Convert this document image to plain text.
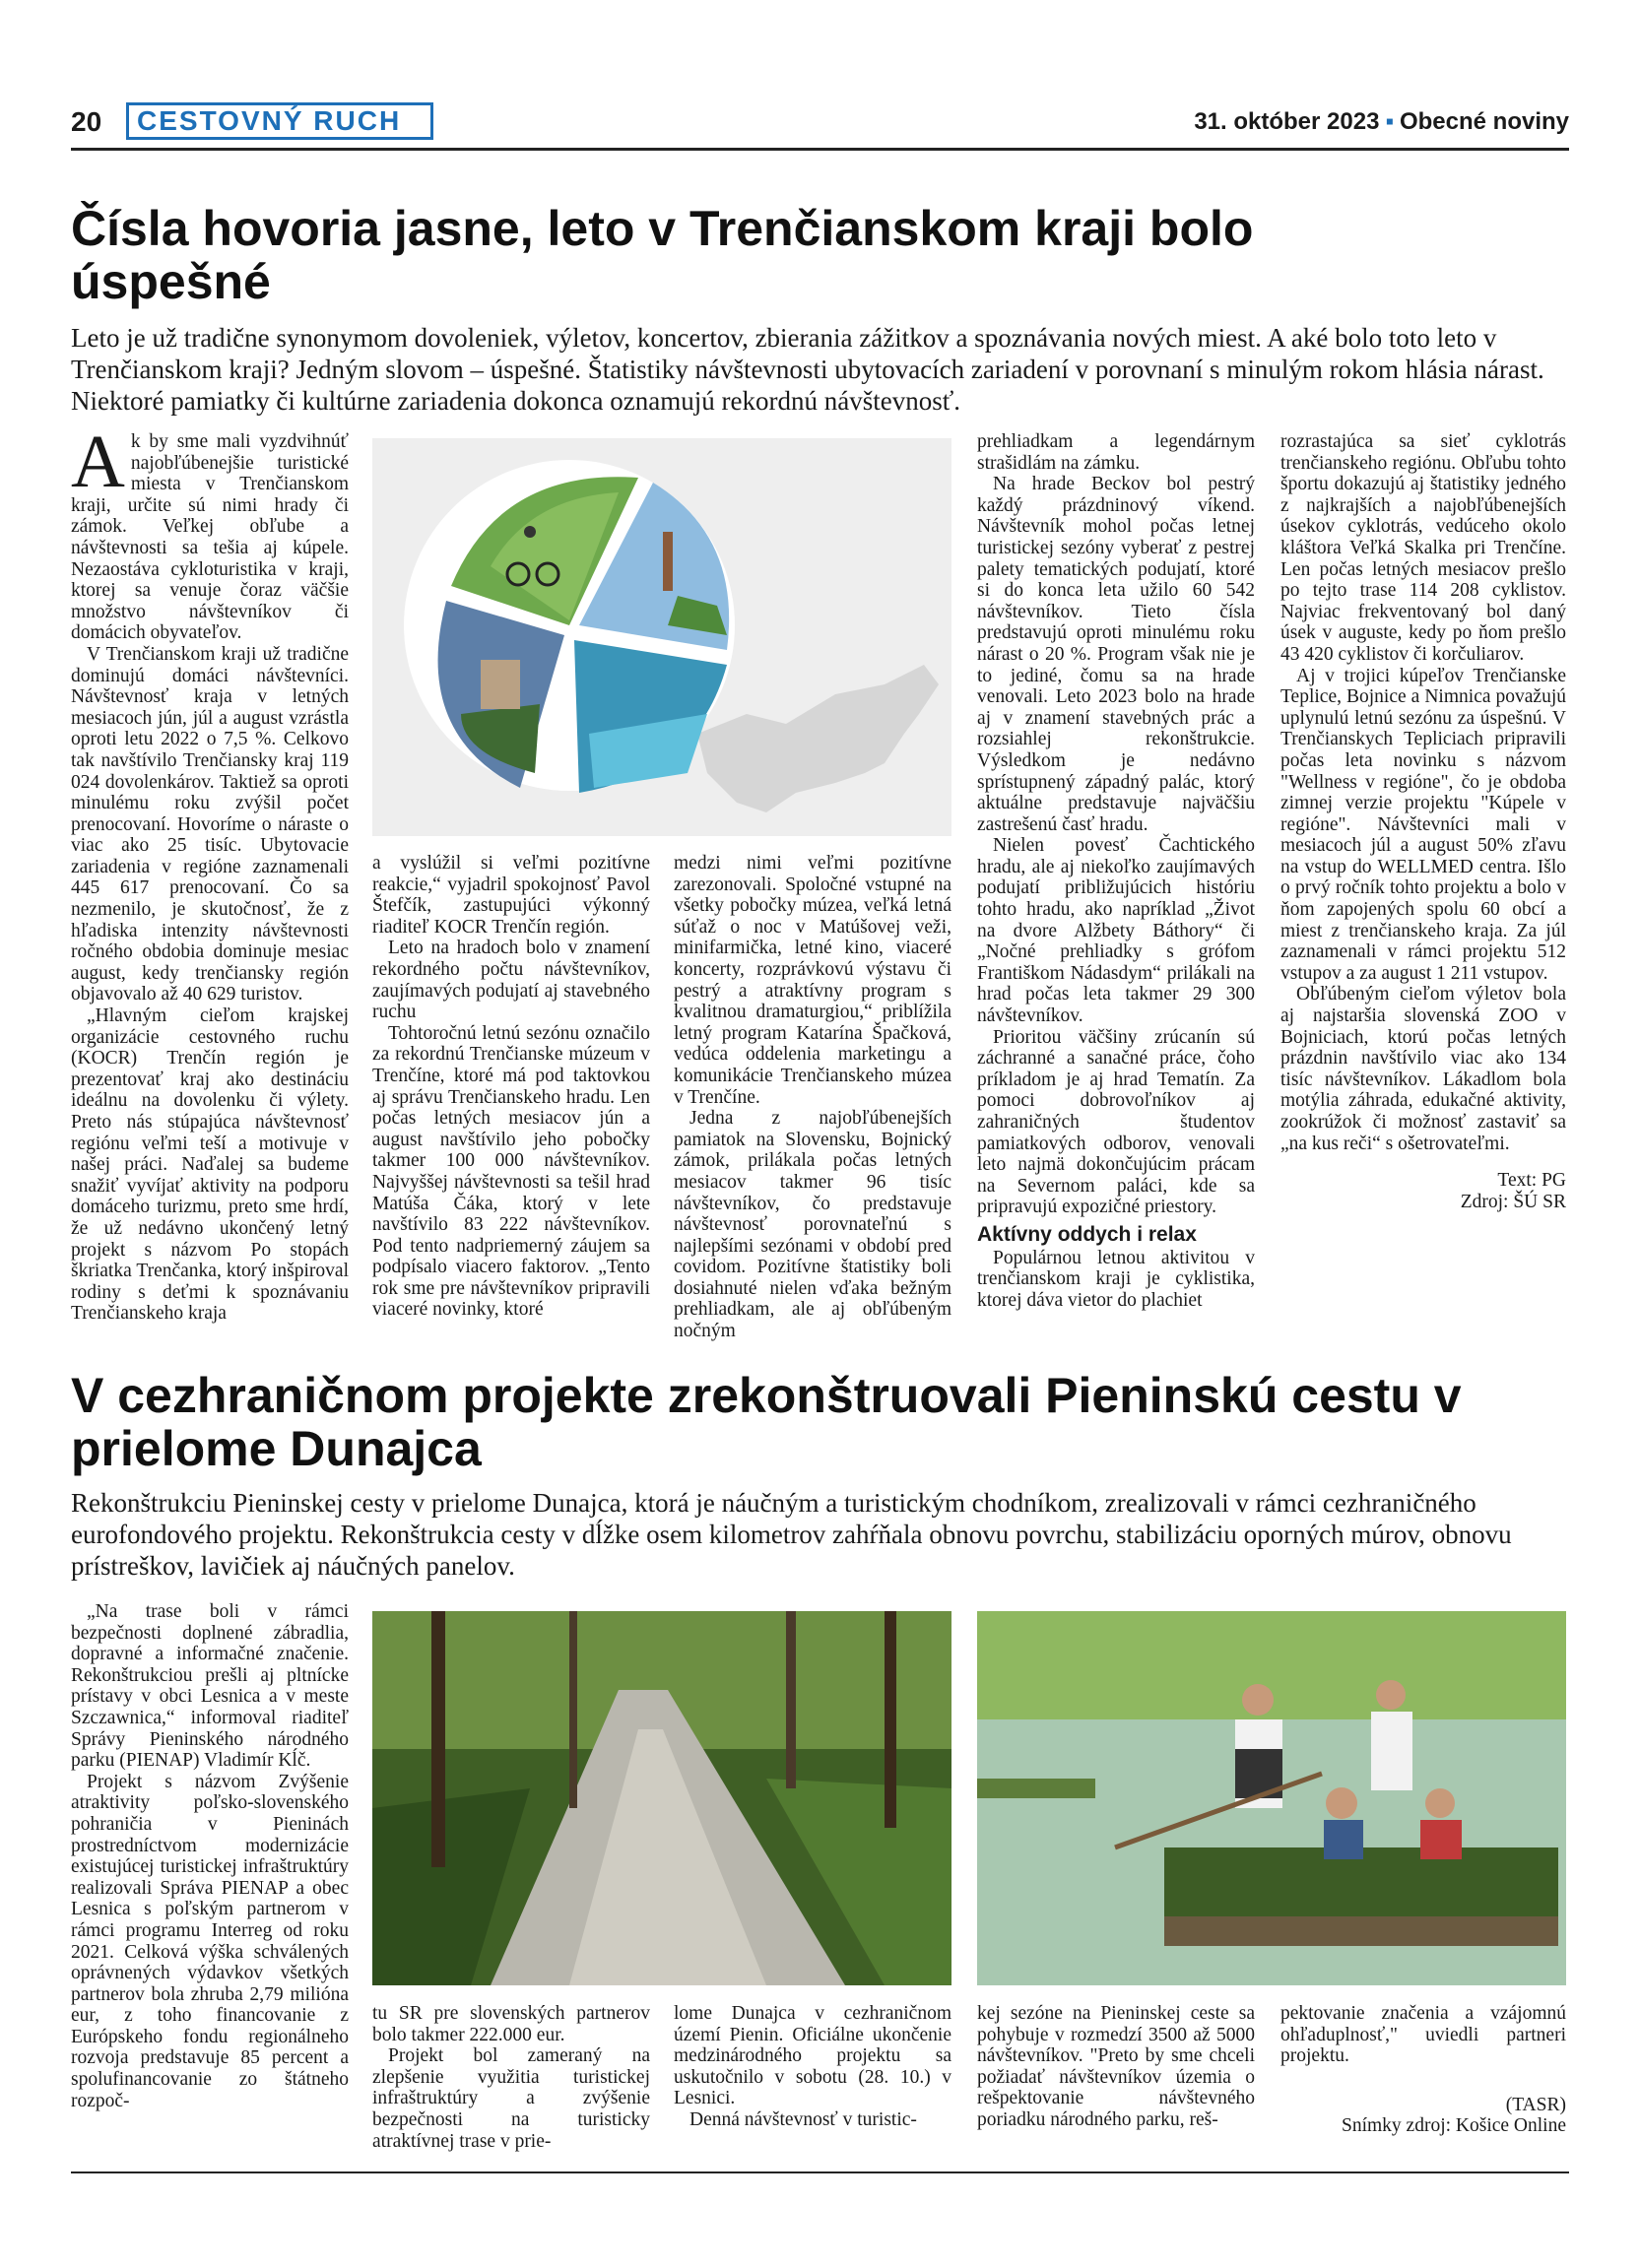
20	CESTOVNÝ RUCH	31. október 2023 ▪ Obecné noviny
Čísla hovoria jasne, leto v Trenčianskom kraji bolo úspešné
Leto je už tradične synonymom dovoleniek, výletov, koncertov, zbierania zážitkov a spoznávania nových miest. A aké bolo toto leto v Trenčianskom kraji? Jedným slovom – úspešné. Štatistiky návštevnosti ubytovacích zariadení v porovnaní s minulým rokom hlásia nárast. Niektoré pamiatky či kultúrne zariadenia dokonca oznamujú rekordnú návštevnosť.

Ak by sme mali vyzdvihnúť najobľúbenejšie turistické miesta v Trenčianskom kraji, určite sú nimi hrady či zámok. Veľkej obľube a návštevnosti sa tešia aj kúpele. Nezaostáva cykloturistika v kraji, ktorej sa venuje čoraz väčšie množstvo návštevníkov či domácich obyvateľov.

V Trenčianskom kraji už tradične dominujú domáci návštevníci. Návštevnosť kraja v letných mesiacoch jún, júl a august vzrástla oproti letu 2022 o 7,5 %. Celkovo tak navštívilo Trenčiansky kraj 119 024 dovolenkárov. Taktiež sa oproti minulému roku zvýšil počet prenocovaní. Hovoríme o náraste o viac ako 25 tisíc. Ubytovacie zariadenia v regióne zaznamenali 445 617 prenocovaní. Čo sa nezmenilo, je skutočnosť, že z hľadiska intenzity návštevnosti ročného obdobia dominuje mesiac august, kedy trenčiansky región objavovalo až 40 629 turistov.

„Hlavným cieľom krajskej organizácie cestovného ruchu (KOCR) Trenčín región je prezentovať kraj ako destináciu ideálnu na dovolenku či výlety. Preto nás stúpajúca návštevnosť regiónu veľmi teší a motivuje v našej práci. Naďalej sa budeme snažiť vyvíjať aktivity na podporu domáceho turizmu, preto sme hrdí, že už nedávno ukončený letný projekt s názvom Po stopách škriatka Trenčanka, ktorý inšpiroval rodiny s deťmi k spoznávaniu Trenčianskeho kraja

a vyslúžil si veľmi pozitívne reakcie,“ vyjadril spokojnosť Pavol Štefčík, zastupujúci výkonný riaditeľ KOCR Trenčín región.

Leto na hradoch bolo v znamení rekordného počtu návštevníkov, zaujímavých podujatí aj stavebného ruchu

Tohtoročnú letnú sezónu označilo za rekordnú Trenčianske múzeum v Trenčíne, ktoré má pod taktovkou aj správu Trenčianskeho hradu. Len počas letných mesiacov jún a august navštívilo jeho pobočky takmer 100 000 návštevníkov. Najvyššej návštevnosti sa tešil hrad Matúša Čáka, ktorý v lete navštívilo 83 222 návštevníkov. Pod tento nadpriemerný záujem sa podpísalo viacero faktorov. „Tento rok sme pre návštevníkov pripravili viaceré novinky, ktoré

medzi nimi veľmi pozitívne zarezonovali. Spoločné vstupné na všetky pobočky múzea, veľká letná súťaž o noc v Matúšovej veži, minifarmička, letné kino, viaceré koncerty, rozprávkovú výstavu či pestrý a atraktívny program s kvalitnou dramaturgiou,“ priblížila letný program Katarína Špačková, vedúca oddelenia marketingu a komunikácie Trenčianskeho múzea v Trenčíne.

Jedna z najobľúbenejších pamiatok na Slovensku, Bojnický zámok, prilákala počas letných mesiacov takmer 96 tisíc návštevníkov, čo predstavuje návštevnosť porovnateľnú s najlepšími sezónami v období pred covidom. Pozitívne štatistiky boli dosiahnuté nielen vďaka bežným prehliadkam, ale aj obľúbeným nočným

prehliadkam a legendárnym strašidlám na zámku.

Na hrade Beckov bol pestrý každý prázdninový víkend. Návštevník mohol počas letnej turistickej sezóny vyberať z pestrej palety tematických podujatí, ktoré si do konca leta užilo 60 542 návštevníkov. Tieto čísla predstavujú oproti minulému roku nárast o 20 %. Program však nie je to jediné, čomu sa na hrade venovali. Leto 2023 bolo na hrade aj v znamení stavebných prác a rozsiahlej rekonštrukcie. Výsledkom je nedávno sprístupnený západný palác, ktorý aktuálne predstavuje najväčšiu zastrešenú časť hradu.

Nielen povesť Čachtického hradu, ale aj niekoľko zaujímavých podujatí približujúcich históriu tohto hradu, ako napríklad „Život na dvore Alžbety Báthory“ či „Nočné prehliadky s grófom Františkom Nádasdym“ prilákali na hrad počas leta takmer 29 300 návštevníkov.

Prioritou väčšiny zrúcanín sú záchranné a sanačné práce, čoho príkladom je aj hrad Tematín. Za pomoci dobrovoľníkov aj zahraničných študentov pamiatkových odborov, venovali leto najmä dokončujúcim prácam na Severnom paláci, kde sa pripravujú expozičné priestory.

Aktívny oddych i relax

Populárnou letnou aktivitou v trenčianskom kraji je cyklistika, ktorej dáva vietor do plachiet

rozrastajúca sa sieť cyklotrás trenčianskeho regiónu. Obľubu tohto športu dokazujú aj štatistiky jedného z najkrajších a najobľúbenejších úsekov cyklotrás, vedúceho okolo kláštora Veľká Skalka pri Trenčíne. Len počas letných mesiacov prešlo po tejto trase 114 208 cyklistov. Najviac frekventovaný bol daný úsek v auguste, kedy po ňom prešlo 43 420 cyklistov či korčuliarov.

Aj v trojici kúpeľov Trenčianske Teplice, Bojnice a Nimnica považujú uplynulú letnú sezónu za úspešnú. V Trenčianskych Tepliciach pripravili počas leta novinku s názvom "Wellness v regióne", čo je obdoba zimnej verzie projektu "Kúpele v regióne". Návštevníci mali v mesiacoch júl a august 50% zľavu na vstup do WELLMED centra. Išlo o prvý ročník tohto projektu a bolo v ňom zapojených spolu 60 obcí a miest z trenčianskeho kraja. Za júl zaznamenali v rámci projektu 512 vstupov a za august 1 211 vstupov.

Obľúbeným cieľom výletov bola aj najstaršia slovenská ZOO v Bojniciach, ktorú počas letných prázdnin navštívilo viac ako 134 tisíc návštevníkov. Lákadlom bola motýlia záhrada, edukačné aktivity, zookrúžok či možnosť zastaviť sa „na kus reči“ s ošetrovateľmi.

Text: PG

Zdroj: ŠÚ SR

V cezhraničnom projekte zrekonštruovali Pieninskú cestu v prielome Dunajca
Rekonštrukciu Pieninskej cesty v prielome Dunajca, ktorá je náučným a turistickým chodníkom, zrealizovali v rámci cezhraničného eurofondového projektu. Rekonštrukcia cesty v dĺžke osem kilometrov zahŕňala obnovu povrchu, stabilizáciu oporných múrov, obnovu prístreškov, lavičiek aj náučných panelov.

„Na trase boli v rámci bezpečnosti doplnené zábradlia, dopravné a informačné značenie. Rekonštrukciou prešli aj pltnícke prístavy v obci Lesnica a v meste Szczawnica,“ informoval riaditeľ Správy Pieninského národného parku (PIENAP) Vladimír Kĺč.

Projekt s názvom Zvýšenie atraktivity poľsko-slovenského pohraničia v Pieninách prostredníctvom modernizácie existujúcej turistickej infraštruktúry realizovali Správa PIENAP a obec Lesnica s poľským partnerom v rámci programu Interreg od roku 2021. Celková výška schválených oprávnených výdavkov všetkých partnerov bola zhruba 2,79 milióna eur, z toho financovanie z Európskeho fondu regionálneho rozvoja predstavuje 85 percent a spolufinancovanie zo štátneho rozpoč-

tu SR pre slovenských partnerov bolo takmer 222.000 eur.

Projekt bol zameraný na zlepšenie využitia turistickej infraštruktúry a zvýšenie bezpečnosti na turisticky atraktívnej trase v prie-

lome Dunajca v cezhraničnom území Pienin. Oficiálne ukončenie medzinárodného projektu sa uskutočnilo v sobotu (28. 10.) v Lesnici.

Denná návštevnosť v turistic-

kej sezóne na Pieninskej ceste sa pohybuje v rozmedzí 3500 až 5000 návštevníkov. "Preto by sme chceli požiadať návštevníkov územia o rešpektovanie návštevného poriadku národného parku, reš-

pektovanie značenia a vzájomnú ohľaduplnosť," uviedli partneri projektu.

(TASR)

Snímky zdroj: Košice Online
